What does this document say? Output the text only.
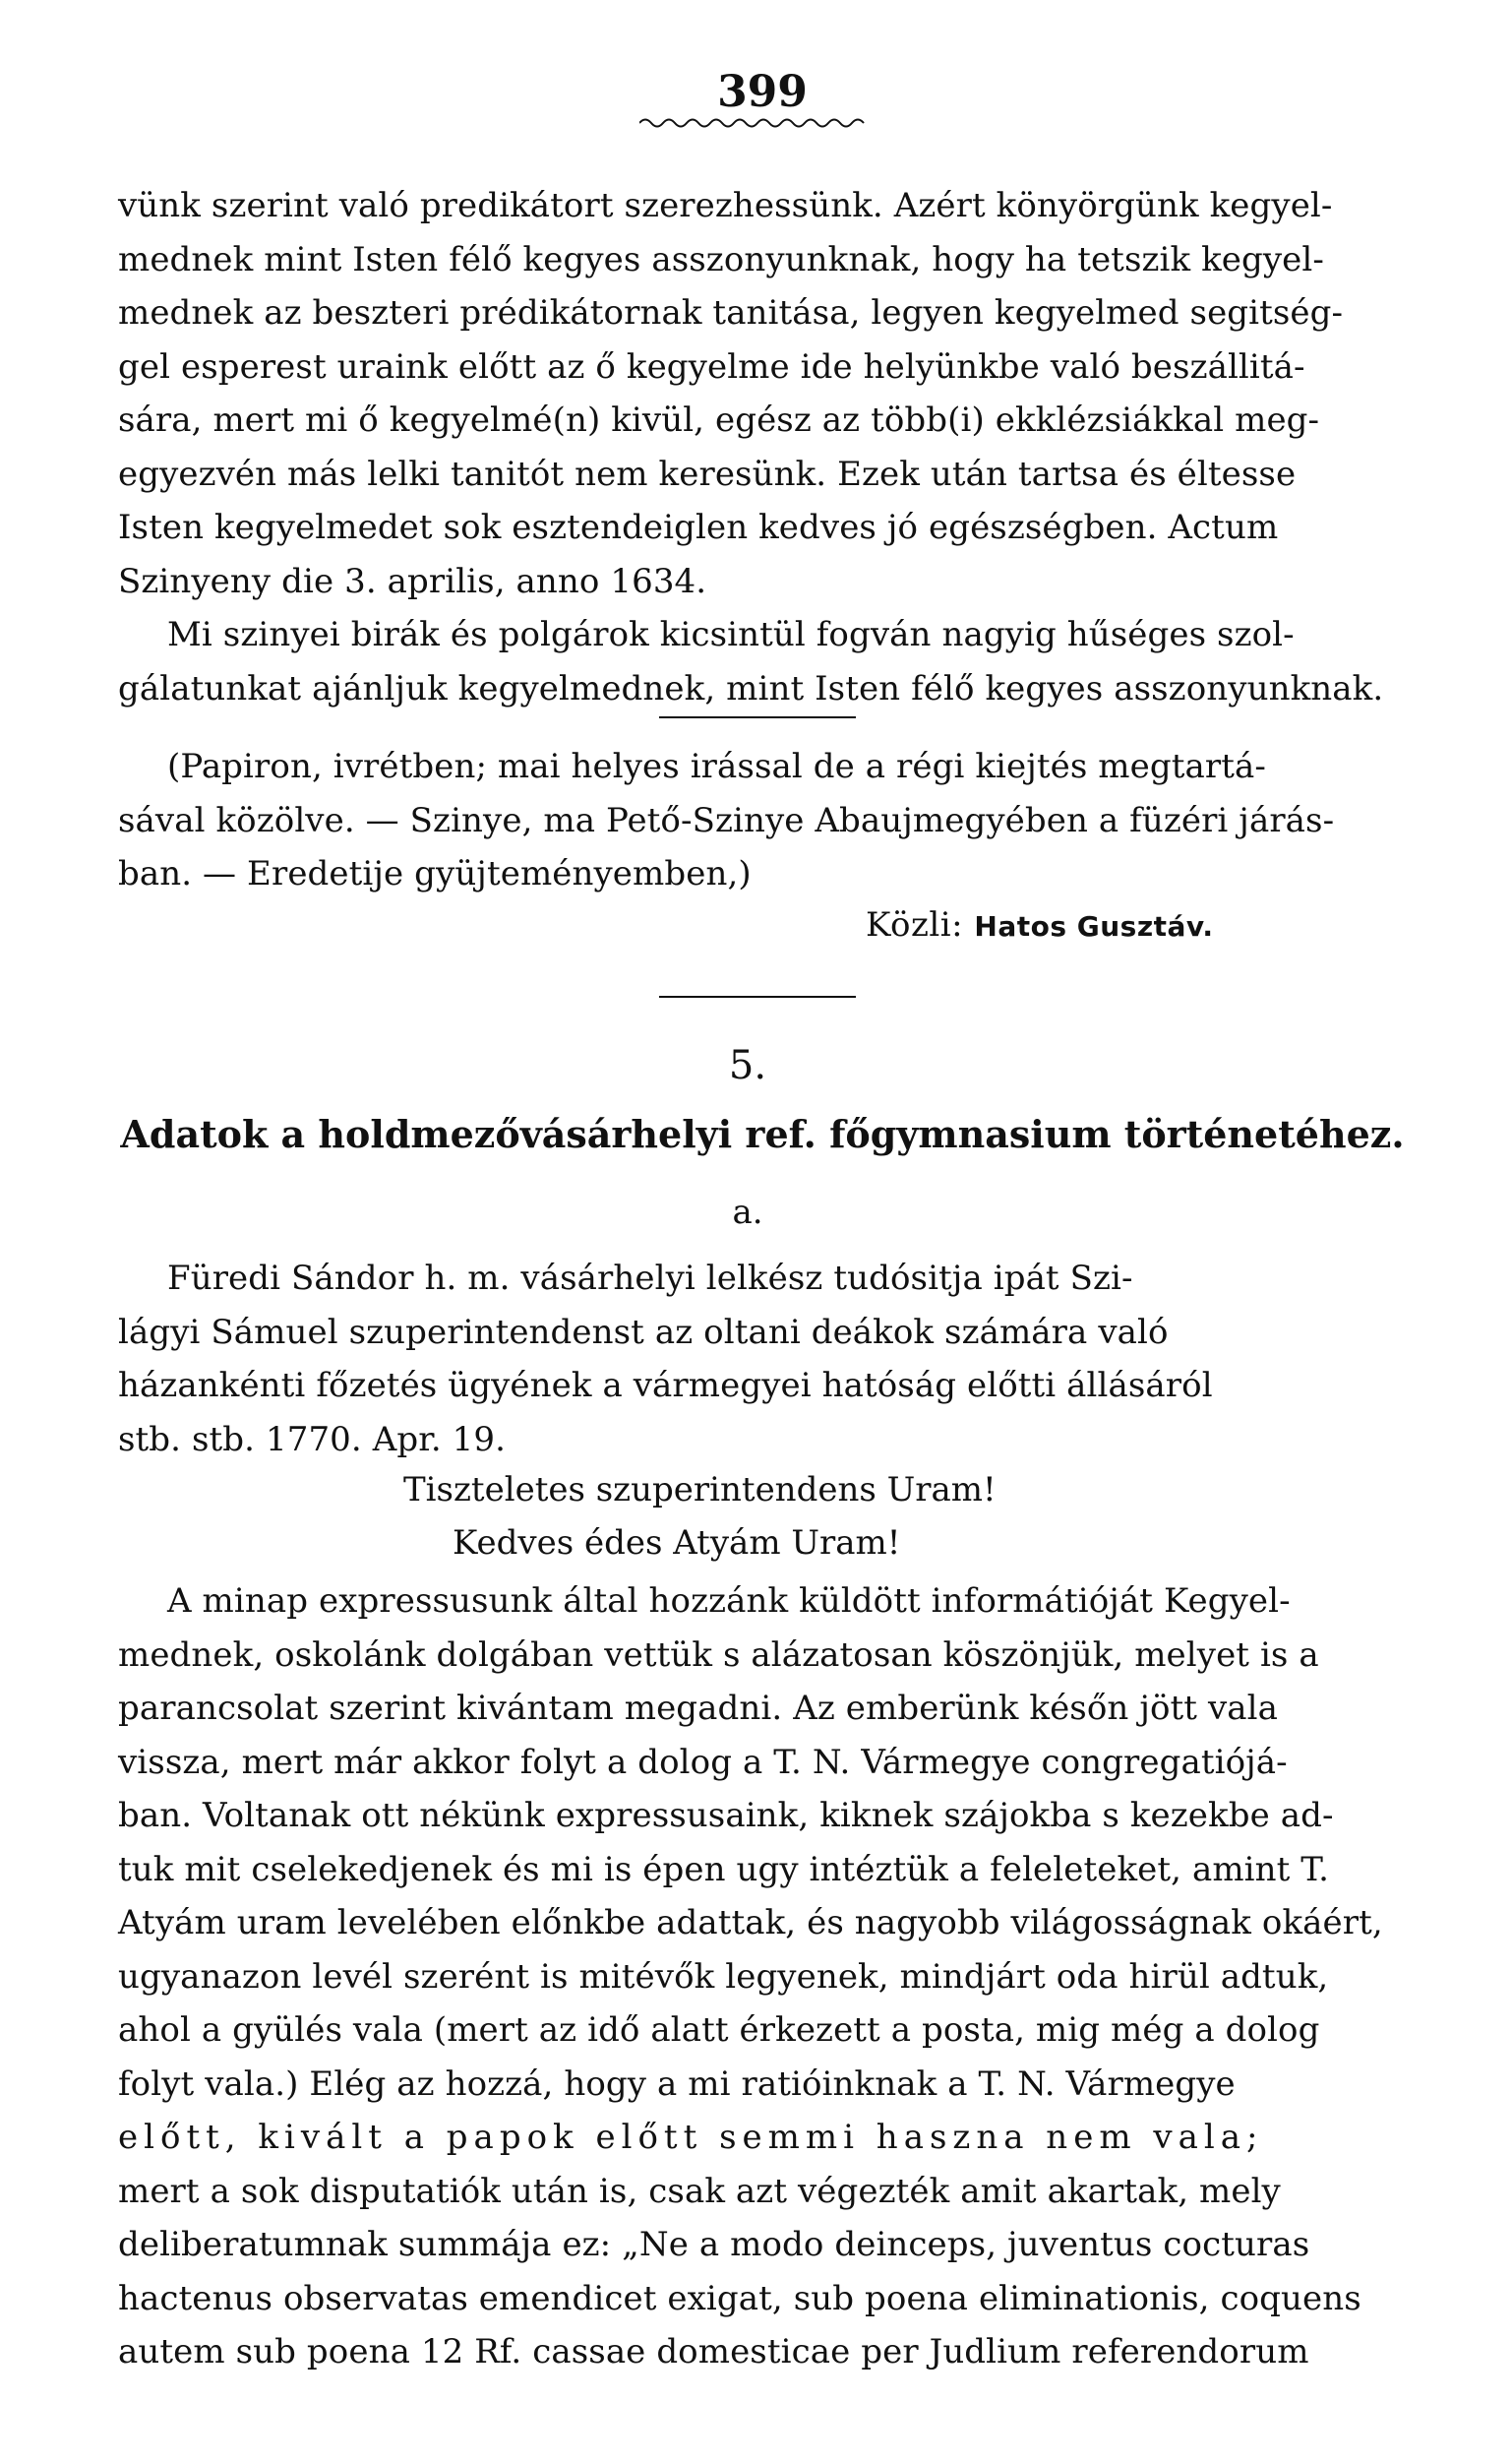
399
vünk szerint való predikátort szerezhessünk. Azért könyörgünk kegyel-
mednek mint Isten félő kegyes asszonyunknak, hogy ha tetszik kegyel-
mednek az beszteri prédikátornak tanitása, legyen kegyelmed segitség-
gel esperest uraink előtt az ő kegyelme ide helyünkbe való beszállitá-
sára, mert mi ő kegyelmé(n) kivül, egész az több(i) ekklézsiákkal meg-
egyezvén más lelki tanitót nem keresünk. Ezek után tartsa és éltesse
Isten kegyelmedet sok esztendeiglen kedves jó egészségben. Actum
Szinyeny die 3. aprilis, anno 1634.
Mi szinyei birák és polgárok kicsintül fogván nagyig hűséges szol-
gálatunkat ajánljuk kegyelmednek, mint Isten félő kegyes asszonyunknak.
(Papiron, ivrétben; mai helyes irással de a régi kiejtés megtartá-
sával közölve. — Szinye, ma Pető-Szinye Abaujmegyében a füzéri járás-
ban. — Eredetije gyüjteményemben,)
Közli: Hatos Gusztáv.
5.
Adatok a holdmezővásárhelyi ref. főgymnasium történetéhez.
a.
Füredi Sándor h. m. vásárhelyi lelkész tudósitja ipát Szi-
lágyi Sámuel szuperintendenst az oltani deákok számára való
házankénti főzetés ügyének a vármegyei hatóság előtti állásáról
stb. stb. 1770. Apr. 19.
Tiszteletes szuperintendens Uram!
Kedves édes Atyám Uram!
A minap expressusunk által hozzánk küldött informátióját Kegyel-
mednek, oskolánk dolgában vettük s alázatosan köszönjük, melyet is a
parancsolat szerint kivántam megadni. Az emberünk későn jött vala
vissza, mert már akkor folyt a dolog a T. N. Vármegye congregatiójá-
ban. Voltanak ott nékünk expressusaink, kiknek szájokba s kezekbe ad-
tuk mit cselekedjenek és mi is épen ugy intéztük a feleleteket, amint T.
Atyám uram levelében előnkbe adattak, és nagyobb világosságnak okáért,
ugyanazon levél szerént is mitévők legyenek, mindjárt oda hirül adtuk,
ahol a gyülés vala (mert az idő alatt érkezett a posta, mig még a dolog
folyt vala.) Elég az hozzá, hogy a mi ratióinknak a T. N. Vármegye
előtt, kivált a papok előtt semmi haszna nem vala;
mert a sok disputatiók után is, csak azt végezték amit akartak, mely
deliberatumnak summája ez: „Ne a modo deinceps, juventus cocturas
hactenus observatas emendicet exigat, sub poena eliminationis, coquens
autem sub poena 12 Rf. cassae domesticae per Judlium referendorum
